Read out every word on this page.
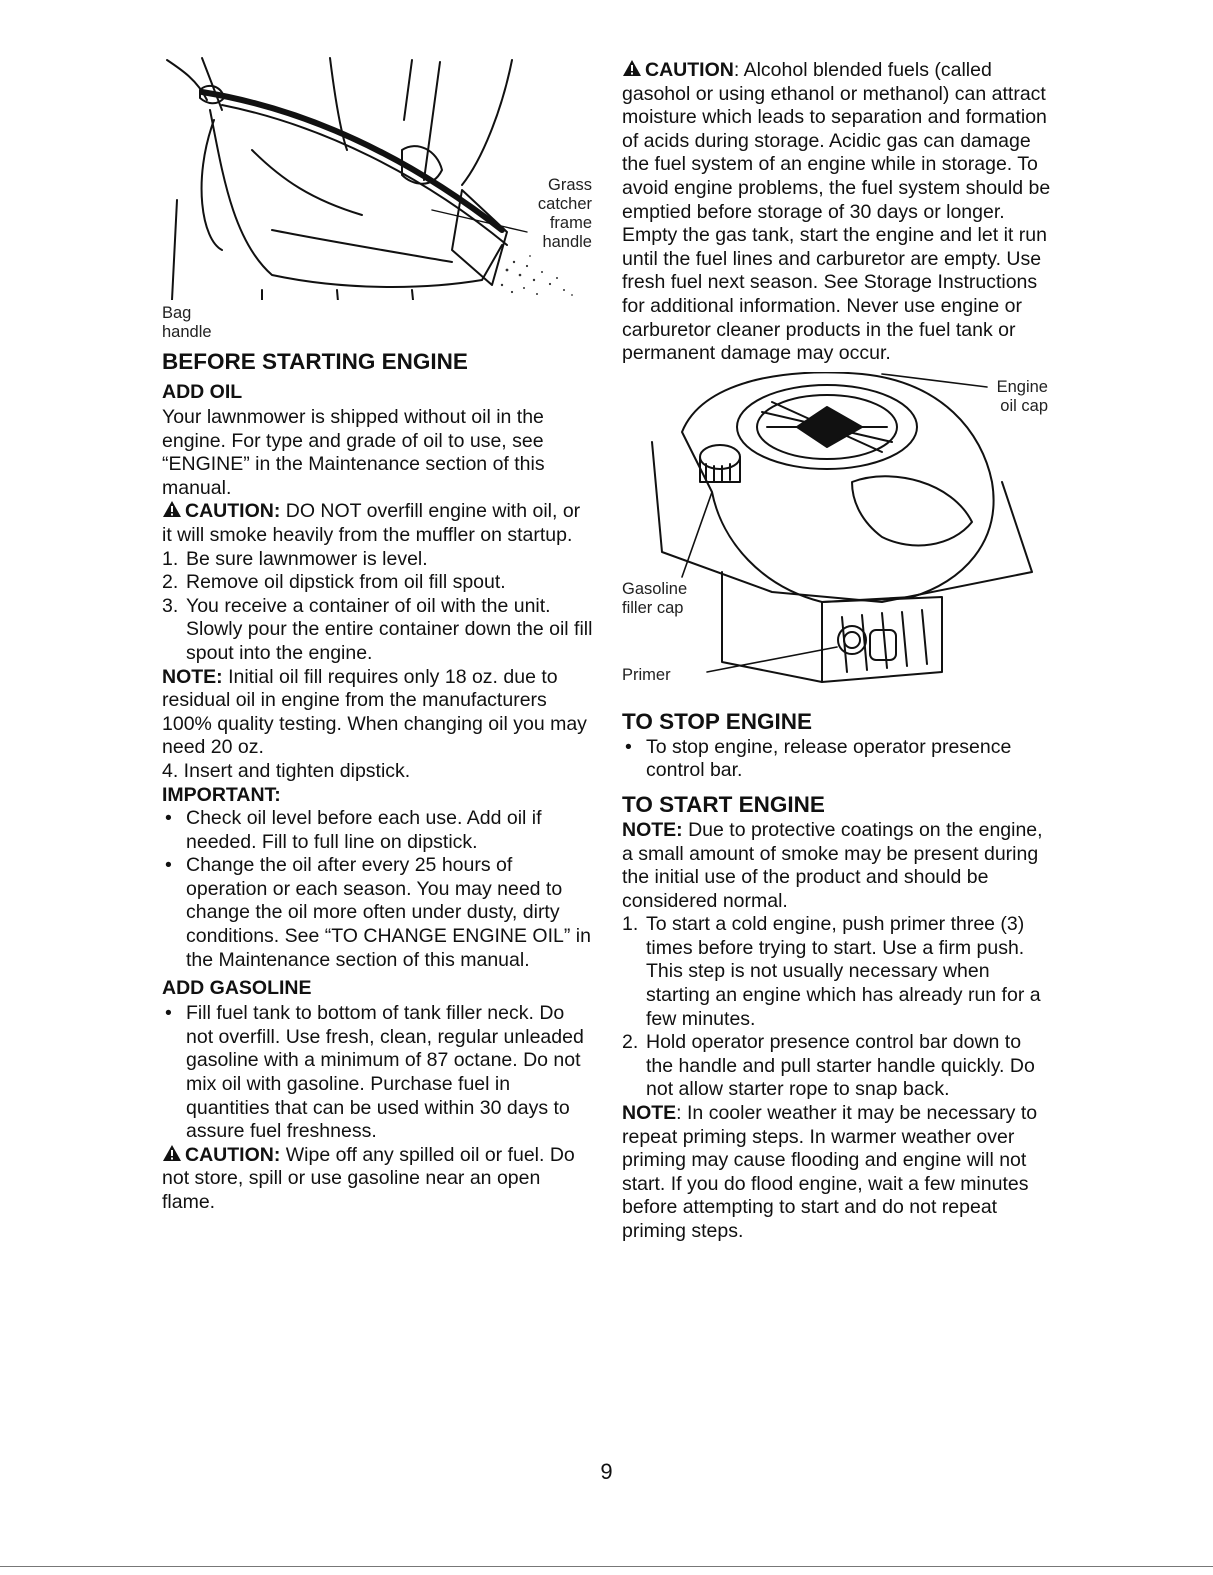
Grass
catcher
frame
handle
Bag
handle
BEFORE STARTING ENGINE
ADD OIL

Your lawnmower is shipped without oil in the engine. For type and grade of oil to use, see “ENGINE” in the Maintenance section of this manual.

CAUTION: DO NOT overfill engine with oil, or it will smoke heavily from the muffler on startup.

1. Be sure lawnmower is level.
2. Remove oil dipstick from oil fill spout.
3. You receive a container of oil with the unit. Slowly pour the entire container down the oil fill spout into the engine.

NOTE: Initial oil fill requires only 18 oz. due to residual oil in engine from the manufacturers 100% quality testing. When changing oil you may need 20 oz.

4. Insert and tighten dipstick.

IMPORTANT:

• Check oil level before each use. Add oil if needed. Fill to full line on dipstick.
• Change the oil after every 25 hours of operation or each season. You may need to change the oil more often under dusty, dirty conditions. See “TO CHANGE ENGINE OIL” in the Maintenance section of this manual.
ADD GASOLINE
• Fill fuel tank to bottom of tank filler neck. Do not overfill. Use fresh, clean, regular unleaded gasoline with a minimum of 87 octane. Do not mix oil with gasoline. Purchase fuel in quantities that can be used within 30 days to assure fuel freshness.

CAUTION: Wipe off any spilled oil or fuel. Do not store, spill or use gasoline near an open flame.

CAUTION: Alcohol blended fuels (called gasohol or using ethanol or methanol) can attract moisture which leads to separation and formation of acids during storage. Acidic gas can damage the fuel system of an engine while in storage. To avoid engine problems, the fuel system should be emptied before storage of 30 days or longer. Empty the gas tank, start the engine and let it run until the fuel lines and carburetor are empty. Use fresh fuel next season. See Storage Instructions for additional information. Never use engine or carburetor cleaner products in the fuel tank or permanent damage may occur.

Engine
oil cap
Gasoline
filler cap
Primer
TO STOP ENGINE
• To stop engine, release operator presence control bar.
TO START ENGINE

NOTE: Due to protective coatings on the engine, a small amount of smoke may be present during the initial use of the product and should be considered normal.

1. To start a cold engine, push primer three (3) times before trying to start. Use a firm push. This step is not usually necessary when starting an engine which has already run for a few minutes.
2. Hold operator presence control bar down to the handle and pull starter handle quickly. Do not allow starter rope to snap back.

NOTE: In cooler weather it may be necessary to repeat priming steps. In warmer weather over priming may cause flooding and engine will not start. If you do flood engine, wait a few minutes before attempting to start and do not repeat priming steps.

9
